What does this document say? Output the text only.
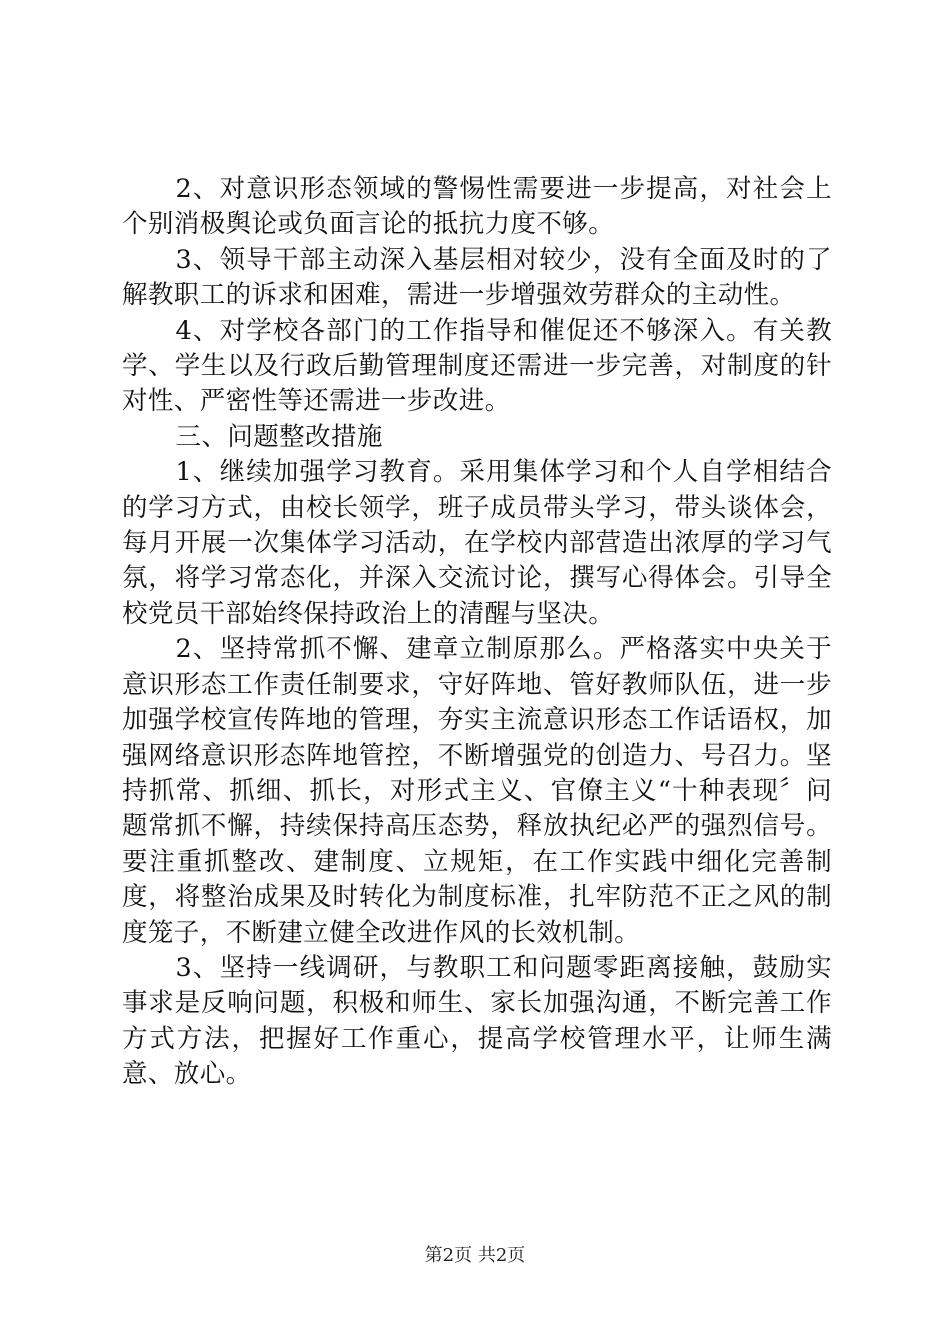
2、对意识形态领域的警惕性需要进一步提高，对社会上个别消极舆论或负面言论的抵抗力度不够。

3、领导干部主动深入基层相对较少，没有全面及时的了解教职工的诉求和困难，需进一步增强效劳群众的主动性。

4、对学校各部门的工作指导和催促还不够深入。有关教学、学生以及行政后勤管理制度还需进一步完善，对制度的针对性、严密性等还需进一步改进。

三、问题整改措施

1、继续加强学习教育。采用集体学习和个人自学相结合的学习方式，由校长领学，班子成员带头学习，带头谈体会，每月开展一次集体学习活动，在学校内部营造出浓厚的学习气氛，将学习常态化，并深入交流讨论，撰写心得体会。引导全校党员干部始终保持政治上的清醒与坚决。

2、坚持常抓不懈、建章立制原那么。严格落实中央关于意识形态工作责任制要求，守好阵地、管好教师队伍，进一步加强学校宣传阵地的管理，夯实主流意识形态工作话语权，加强网络意识形态阵地管控，不断增强党的创造力、号召力。坚持抓常、抓细、抓长，对形式主义、官僚主义“十种表现〞问题常抓不懈，持续保持高压态势，释放执纪必严的强烈信号。要注重抓整改、建制度、立规矩，在工作实践中细化完善制度，将整治成果及时转化为制度标准，扎牢防范不正之风的制度笼子，不断建立健全改进作风的长效机制。

3、坚持一线调研，与教职工和问题零距离接触，鼓励实事求是反响问题，积极和师生、家长加强沟通，不断完善工作方式方法，把握好工作重心，提高学校管理水平，让师生满意、放心。

第2页 共2页
